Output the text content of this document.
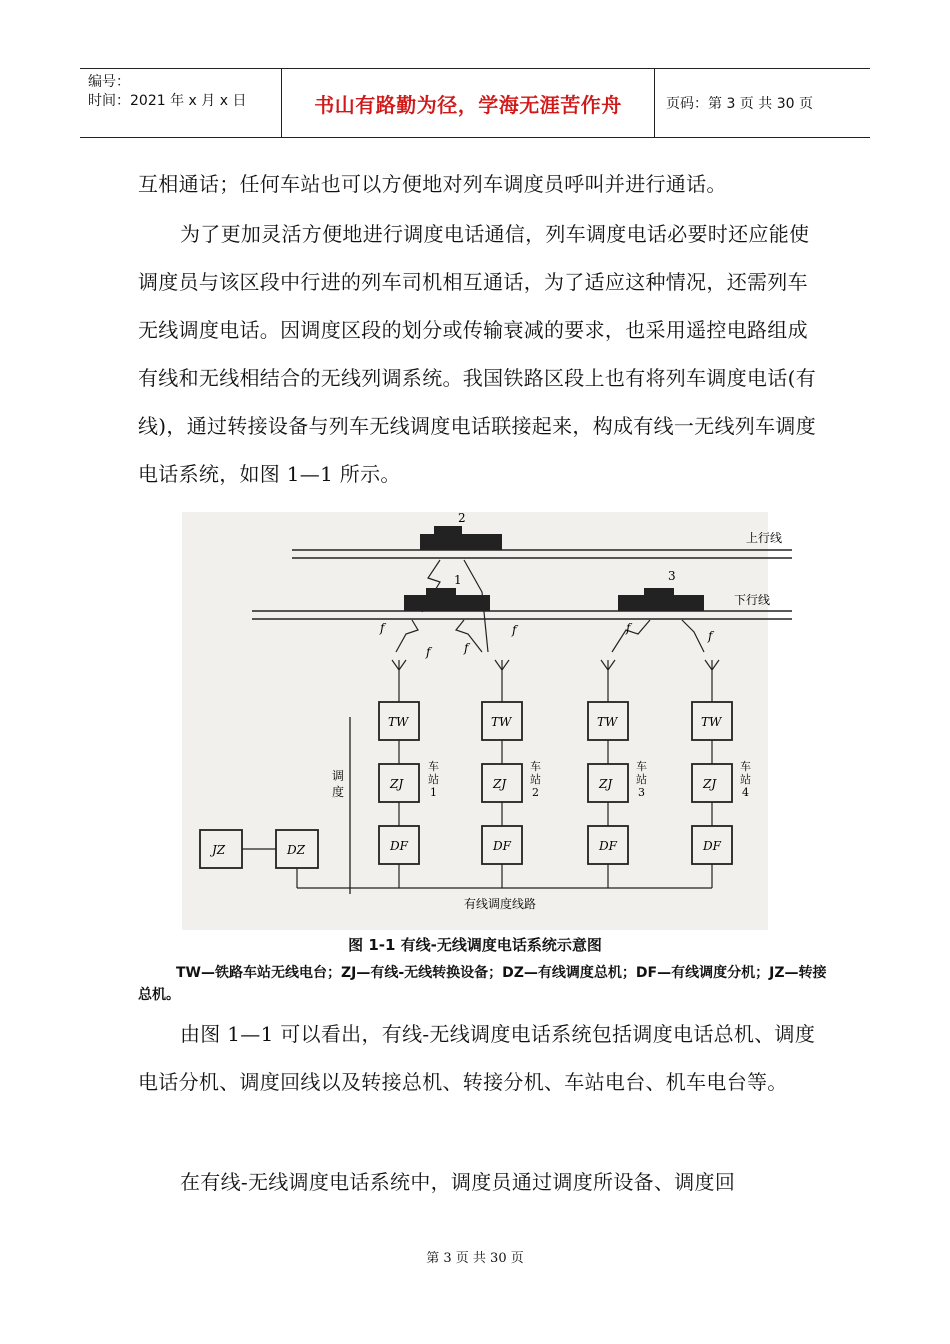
编号：
时间：2021 年 x 月 x 日	书山有路勤为径，学海无涯苦作舟	页码：第 3 页 共 30 页
互相通话；任何车站也可以方便地对列车调度员呼叫并进行通话。
为了更加灵活方便地进行调度电话通信，列车调度电话必要时还应能使调度员与该区段中行进的列车司机相互通话，为了适应这种情况，还需列车无线调度电话。因调度区段的划分或传输衰减的要求，也采用遥控电路组成有线和无线相结合的无线列调系统。我国铁路区段上也有将列车调度电话(有线)，通过转接设备与列车无线调度电话联接起来，构成有线一无线列车调度电话系统，如图 1—1 所示。
上行线
下行线
2
1	3
f
f	f
f	f
f
调
度
TW
ZJ
DF
车
站
1
TW
ZJ
DF
车
站
2
TW
ZJ
DF
车
站
3
TW
ZJ
DF
车
站
4
JZ	DZ
有线调度线路
图 1-1 有线-无线调度电话系统示意图
TW—铁路车站无线电台；ZJ—有线-无线转换设备；DZ—有线调度总机；DF—有线调度分机；JZ—转接总机。
由图 1—1 可以看出，有线-无线调度电话系统包括调度电话总机、调度电话分机、调度回线以及转接总机、转接分机、车站电台、机车电台等。
在有线-无线调度电话系统中，调度员通过调度所设备、调度回
第 3 页 共 30 页
